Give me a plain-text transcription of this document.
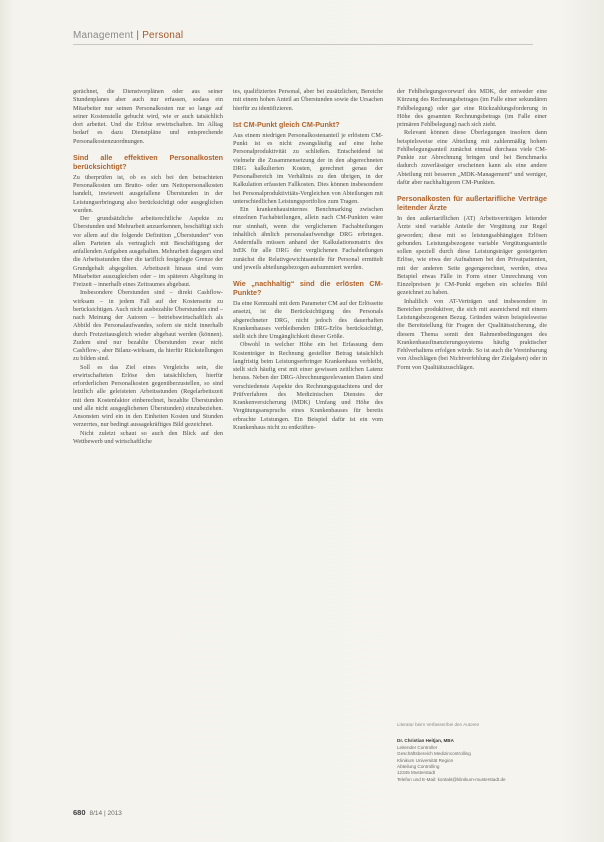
Management | Personal

gerächnet, die Dienstvorplänen oder aus seiner Stundenplanes aber auch nur erfassen, sodass ein Mitarbeiter nur seinen Personalkosten nur so lange auf seiner Kostenstelle gebucht wird, wie er auch tatsächlich dort arbeitet. Und die Erlöse erwirtschaften. Im Alltag bedarf es dazu Dienstpläne und entsprechende Personalkostenzuordnungen.

Sind alle effektiven Personalkosten berücksichtigt?

Zu überprüfen ist, ob es sich bei den betrachteten Personalkosten um Brutto- oder um Nettopersonalkosten handelt, inwieweit ausgefallene Überstunden in der Leistungserbringung also berücksichtigt oder ausgeglichen wurden.

Der grundsätzliche arbeitsrechtliche Aspekte zu Überstunden und Mehrarbeit anzuerkennen, beschäftigt sich vor allem auf die folgende Definition „Überstunden“ von allen Parteien als vertraglich mit Beschäftigung der anfallenden Aufgaben ausgehalten. Mehrarbeit dagegen sind die Arbeitsstunden über die tariflich festgelegte Grenze der Grundgehalt abgegolten. Arbeitszeit hinaus sind vom Mitarbeiter auszugleichen oder – im späteren Abgeltung in Freizeit – innerhalb eines Zeitraumes abgebaut.

Insbesondere Überstunden sind – direkt Cashflow-wirksam – in jedem Fall auf der Kostenseite zu berücksichtigen. Auch nicht ausbezahlte Überstunden sind – nach Meinung der Autoren – betriebswirtschaftlich als Abbild des Personalaufwandes, sofern sie nicht innerhalb durch Freizeitausgleich wieder abgebaut werden (können). Zudem sind nur bezahlte Überstunden zwar nicht Cashflow-, aber Bilanz-wirksam, da hierfür Rückstellungen zu bilden sind.

Soll es das Ziel eines Vergleichs sein, die erwirtschafteten Erlöse den tatsächlichen, hierfür erforderlichen Personalkosten gegenüberzustellen, so sind letztlich alle geleisteten Arbeitsstunden (Regelarbeitszeit mit dem Kostenfaktor einberechnet, bezahlte Überstunden und alle nicht ausgeglichenen Überstunden) einzubeziehen. Ansonsten wird ein in den Einheiten Kosten und Stunden verzerrtes, nur bedingt aussagekräftiges Bild gezeichnet.

Nicht zuletzt schaut so auch den Blick auf den Wettbewerb und wirtschaftliche

tes, qualifiziertes Personal, aber bei zusätzlichen, Bereiche mit einem hohen Anteil an Überstunden sowie die Ursachen hierfür zu identifizieren.

Ist CM-Punkt gleich CM-Punkt?

Aus einem niedrigen Personalkostenanteil je erlöstem CM-Punkt ist es nicht zwangsläufig auf eine hohe Personalproduktivität zu schließen. Entscheidend ist vielmehr die Zusammensetzung der in den abgerechneten DRG kalkulierten Kosten, gerechnet genau der Personalbereich im Verhältnis zu den übrigen, in der Kalkulation erfassten Fallkosten. Dies können insbesondere bei Personalproduktivitäts-Vergleichen von Abteilungen mit unterschiedlichen Leistungsportfolios zum Tragen.

Ein krankenhausinternes Benchmarking zwischen einzelnen Fachabteilungen, allein nach CM-Punkten wäre nur sinnhaft, wenn die verglichenen Fachabteilungen inhaltlich ähnlich personalaufwendige DRG erbringen. Andernfalls müssen anhand der Kalkulationsmatrix des InEK für alle DRG der verglichenen Fachabteilungen zunächst die Relativgewichtsanteile für Personal ermittelt und jeweils abteilungsbezogen aufsummiert werden.

Wie „nachhaltig“ sind die erlösten CM-Punkte?

Da eine Kennzahl mit dem Parameter CM auf der Erlösseite ansetzt, ist die Berücksichtigung des Personals abgerechneter DRG, nicht jedoch des dauerhaften Krankenhauses verbleibenden DRG-Erlös berücksichtigt, stellt sich ihre Umgänglichkeit dieser Größe.

Obwohl in welcher Höhe ein bei Erfassung dem Kostenträger in Rechnung gestellter Betrag tatsächlich langfristig beim Leistungserbringer Krankenhaus verbleibt, stellt sich häufig erst mit einer gewissen zeitlichen Latenz heraus. Neben der DRG-Abrechnungsrelevanten Daten sind verschiedenste Aspekte des Rechnungsgutachtens und der Prüfverfahren des Medizinischen Dienstes der Krankenversicherung (MDK) Umfang und Höhe des Vergütungsanspruchs eines Krankenhauses für bereits erbrachte Leistungen. Ein Beispiel dafür ist ein vom Krankenhaus nicht zu entkräften-

der Fehlbelegungsvorwurf des MDK, der entweder eine Kürzung des Rechnungsbetrages (im Falle einer sekundären Fehlbelegung) oder gar eine Rückzahlungsforderung in Höhe des gesamten Rechnungsbetrags (im Falle einer primären Fehlbelegung) nach sich zieht.

Relevant können diese Überlegungen insofern dann beispielsweise eine Abteilung mit zahlenmäßig hohem Fehlbelegungsanteil zunächst einmal durchaus viele CM-Punkte zur Abrechnung bringen und bei Benchmarks dadurch zuverlässiger erscheinen kann als eine andere Abteilung mit besseren „MDK-Management“ und weniger, dafür aber nachhaltigeren CM-Punkten.

Personalkosten für außertarifliche Verträge leitender Ärzte

In den außertariflichen (AT) Arbeitsverträgen leitender Ärzte sind variable Anteile der Vergütung zur Regel geworden; diese mit so leistungsabhängigen Erlösen gebunden. Leistungsbezogene variable Vergütungsanteile sollen speziell durch diese Leistungsträger gesteigerten Erlöse, wie etwa der Aufnahmen bei den Privatpatienten, mit der anderen Seite gegengerechnet, werden, etwa Beispiel etwas Fälle in Form einer Umrechnung von Einzelpreisen je CM-Punkt ergeben ein schiefes Bild gezeichnet zu haben.

Inhaltlich von AT-Verträgen und insbesondere in Bereichen produktiver, die sich mit ausreichend mit einem Leistungsbezogenen Bezug. Gründen wären beispielsweise die Bereitstellung für Fragen der Qualitätssicherung, die diesem Thema somit den Rahmenbedingungen des Krankenhausfinanzierungssystems häufig praktischer Fehlverhaltens erfolgen würde. So ist auch die Vereinbarung von Abschlägen (bei Nichtverfehlung der Zielgaben) oder in Form von Qualitätszuschlägen.

Literatur beim Verfasser/bei den Autoren
Dr. Christian Heitjan, MBA
Leitender Controller
Geschäftsbereich Medizincontrolling
Klinikum Universität Region
Abteilung Controlling
12345 Musterstadt
Telefon und E-Mail: kontakt@klinikum-musterstadt.de
680 8/14 | 2013
